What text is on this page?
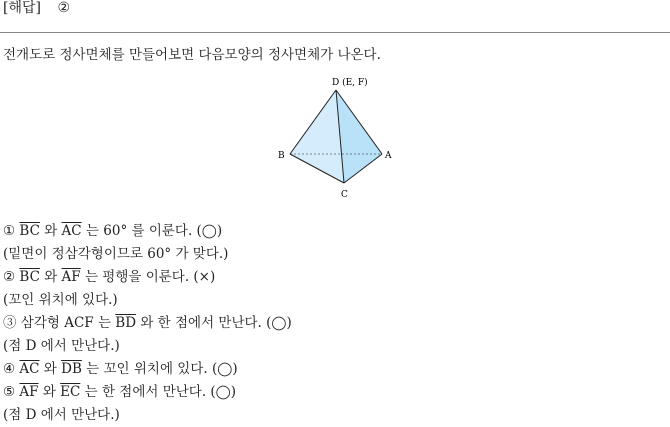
[해답] ②
전개도로 정사면체를 만들어보면 다음모양의 정사면체가 나온다.
D (E, F)
B	A
C
① $\overline{BC}$ 와 $\overline{AC}$ 는 60° 를 이룬다. (◯)
(밑면이 정삼각형이므로 60° 가 맞다.)
② $\overline{BC}$ 와 $\overline{AF}$ 는 평행을 이룬다. (×)
(꼬인 위치에 있다.)
③ 삼각형 ACF 는 $\overline{BD}$ 와 한 점에서 만난다. (◯)
(점 D 에서 만난다.)
④ $\overline{AC}$ 와 $\overline{DB}$ 는 꼬인 위치에 있다. (◯)
⑤ $\overline{AF}$ 와 $\overline{EC}$ 는 한 점에서 만난다. (◯)
(점 D 에서 만난다.)
